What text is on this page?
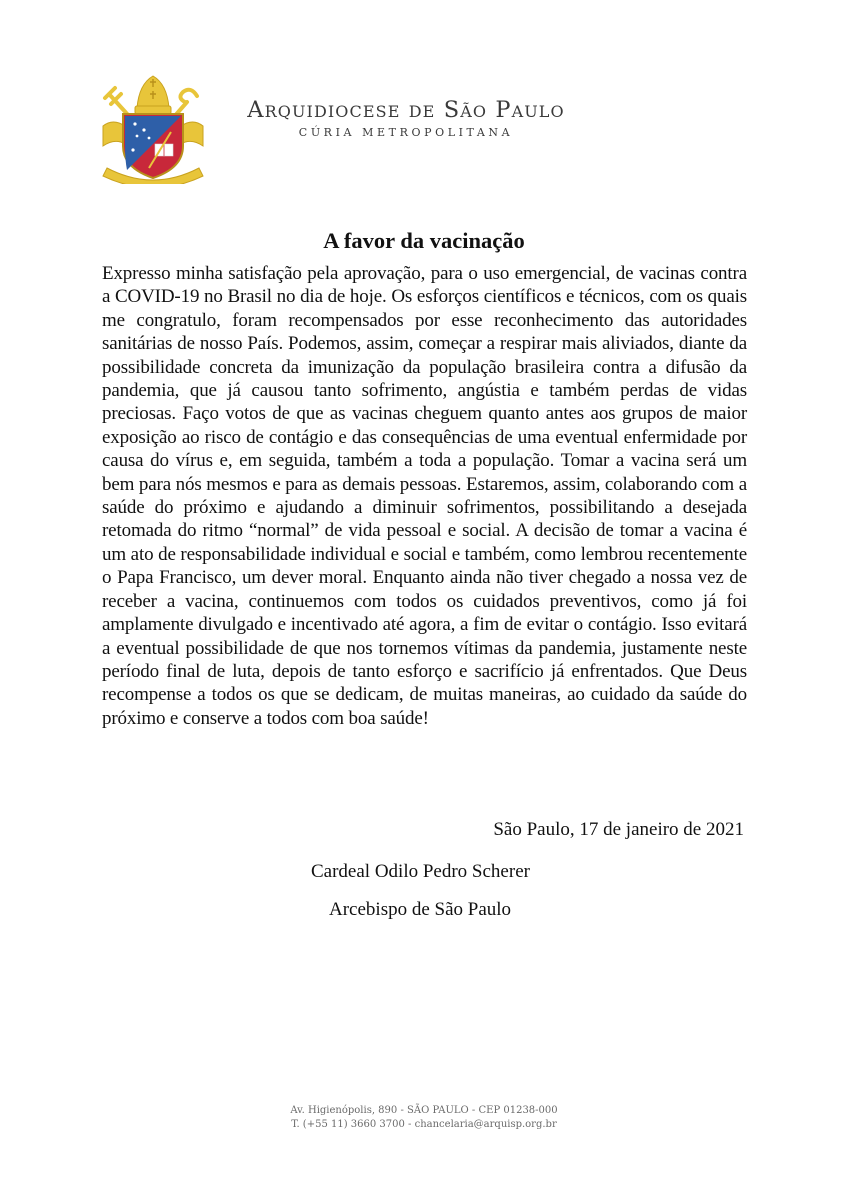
Arquidiocese de São Paulo
CÚRIA METROPOLITANA
A favor da vacinação
Expresso minha satisfação pela aprovação, para o uso emergencial, de vacinas contra a COVID-19 no Brasil no dia de hoje. Os esforços científicos e técnicos, com os quais me congratulo, foram recompensados por esse reconhecimento das autoridades sanitárias de nosso País. Podemos, assim, começar a respirar mais aliviados, diante da possibilidade concreta da imunização da população brasileira contra a difusão da pandemia, que já causou tanto sofrimento, angústia e também perdas de vidas preciosas. Faço votos de que as vacinas cheguem quanto antes aos grupos de maior exposição ao risco de contágio e das consequências de uma eventual enfermidade por causa do vírus e, em seguida, também a toda a população. Tomar a vacina será um bem para nós mesmos e para as demais pessoas. Estaremos, assim, colaborando com a saúde do próximo e ajudando a diminuir sofrimentos, possibilitando a desejada retomada do ritmo “normal” de vida pessoal e social. A decisão de tomar a vacina é um ato de responsabilidade individual e social e também, como lembrou recentemente o Papa Francisco, um dever moral. Enquanto ainda não tiver chegado a nossa vez de receber a vacina, continuemos com todos os cuidados preventivos, como já foi amplamente divulgado e incentivado até agora, a fim de evitar o contágio. Isso evitará a eventual possibilidade de que nos tornemos vítimas da pandemia, justamente neste período final de luta, depois de tanto esforço e sacrifício já enfrentados. Que Deus recompense a todos os que se dedicam, de muitas maneiras, ao cuidado da saúde do próximo e conserve a todos com boa saúde!
São Paulo, 17 de janeiro de 2021
Cardeal Odilo Pedro Scherer
Arcebispo de São Paulo
Av. Higienópolis, 890 - SÃO PAULO - CEP 01238-000
T. (+55 11) 3660 3700 - chancelaria@arquisp.org.br
